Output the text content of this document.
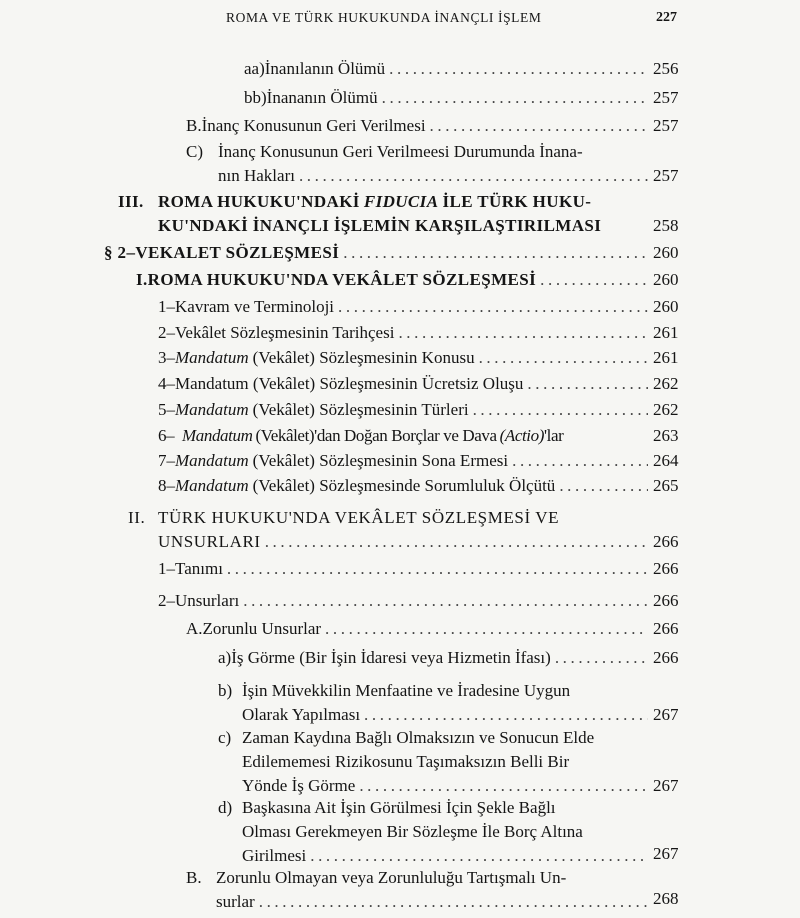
ROMA VE TÜRK HUKUKUNDA İNANÇLI İŞLEM	227
aa) İnanılanın Ölümü .....	256
bb) İnananın Ölümü .....	257
B. İnanç Konusunun Geri Verilmesi .....	257
C) İnanç Konusunun Geri Verilmeesi Durumunda İnana-
nın Hakları .....	257
III. ROMA HUKUKU'NDAKİ FIDUCIA İLE TÜRK HUKU-
KU'NDAKİ İNANÇLI İŞLEMİN KARŞILAŞTIRILMASI	258
§ 2– VEKALET SÖZLEŞMESİ .....	260
I. ROMA HUKUKU'NDA VEKÂLET SÖZLEŞMESİ .....	260
1– Kavram ve Terminoloji .....	260
2– Vekâlet Sözleşmesinin Tarihçesi .....	261
3– Mandatum (Vekâlet) Sözleşmesinin Konusu .....	261
4– Mandatum (Vekâlet) Sözleşmesinin Ücretsiz Oluşu .....	262
5– Mandatum (Vekâlet) Sözleşmesinin Türleri .....	262
6– Mandatum (Vekâlet)'dan Doğan Borçlar ve Dava (Actio) 'lar	263
7– Mandatum (Vekâlet) Sözleşmesinin Sona Ermesi .....	264
8– Mandatum (Vekâlet) Sözleşmesinde Sorumluluk Ölçütü .....	265
II. TÜRK HUKUKU'NDA VEKÂLET SÖZLEŞMESİ VE
UNSURLARI .....	266
1– Tanımı .....	266
2– Unsurları .....	266
A. Zorunlu Unsurlar .....	266
a) İş Görme (Bir İşin İdaresi veya Hizmetin İfası) .....	266
b) İşin Müvekkilin Menfaatine ve İradesine Uygun
Olarak Yapılması .....	267
c) Zaman Kaydına Bağlı Olmaksızın ve Sonucun Elde
Edilememesi Rizikosunu Taşımaksızın Belli Bir
Yönde İş Görme .....	267
d) Başkasına Ait İşin Görülmesi İçin Şekle Bağlı
Olması Gerekmeyen Bir Sözleşme İle Borç Altına
Girilmesi .....	267
B. Zorunlu Olmayan veya Zorunluluğu Tartışmalı Un-
surlar .....	268
